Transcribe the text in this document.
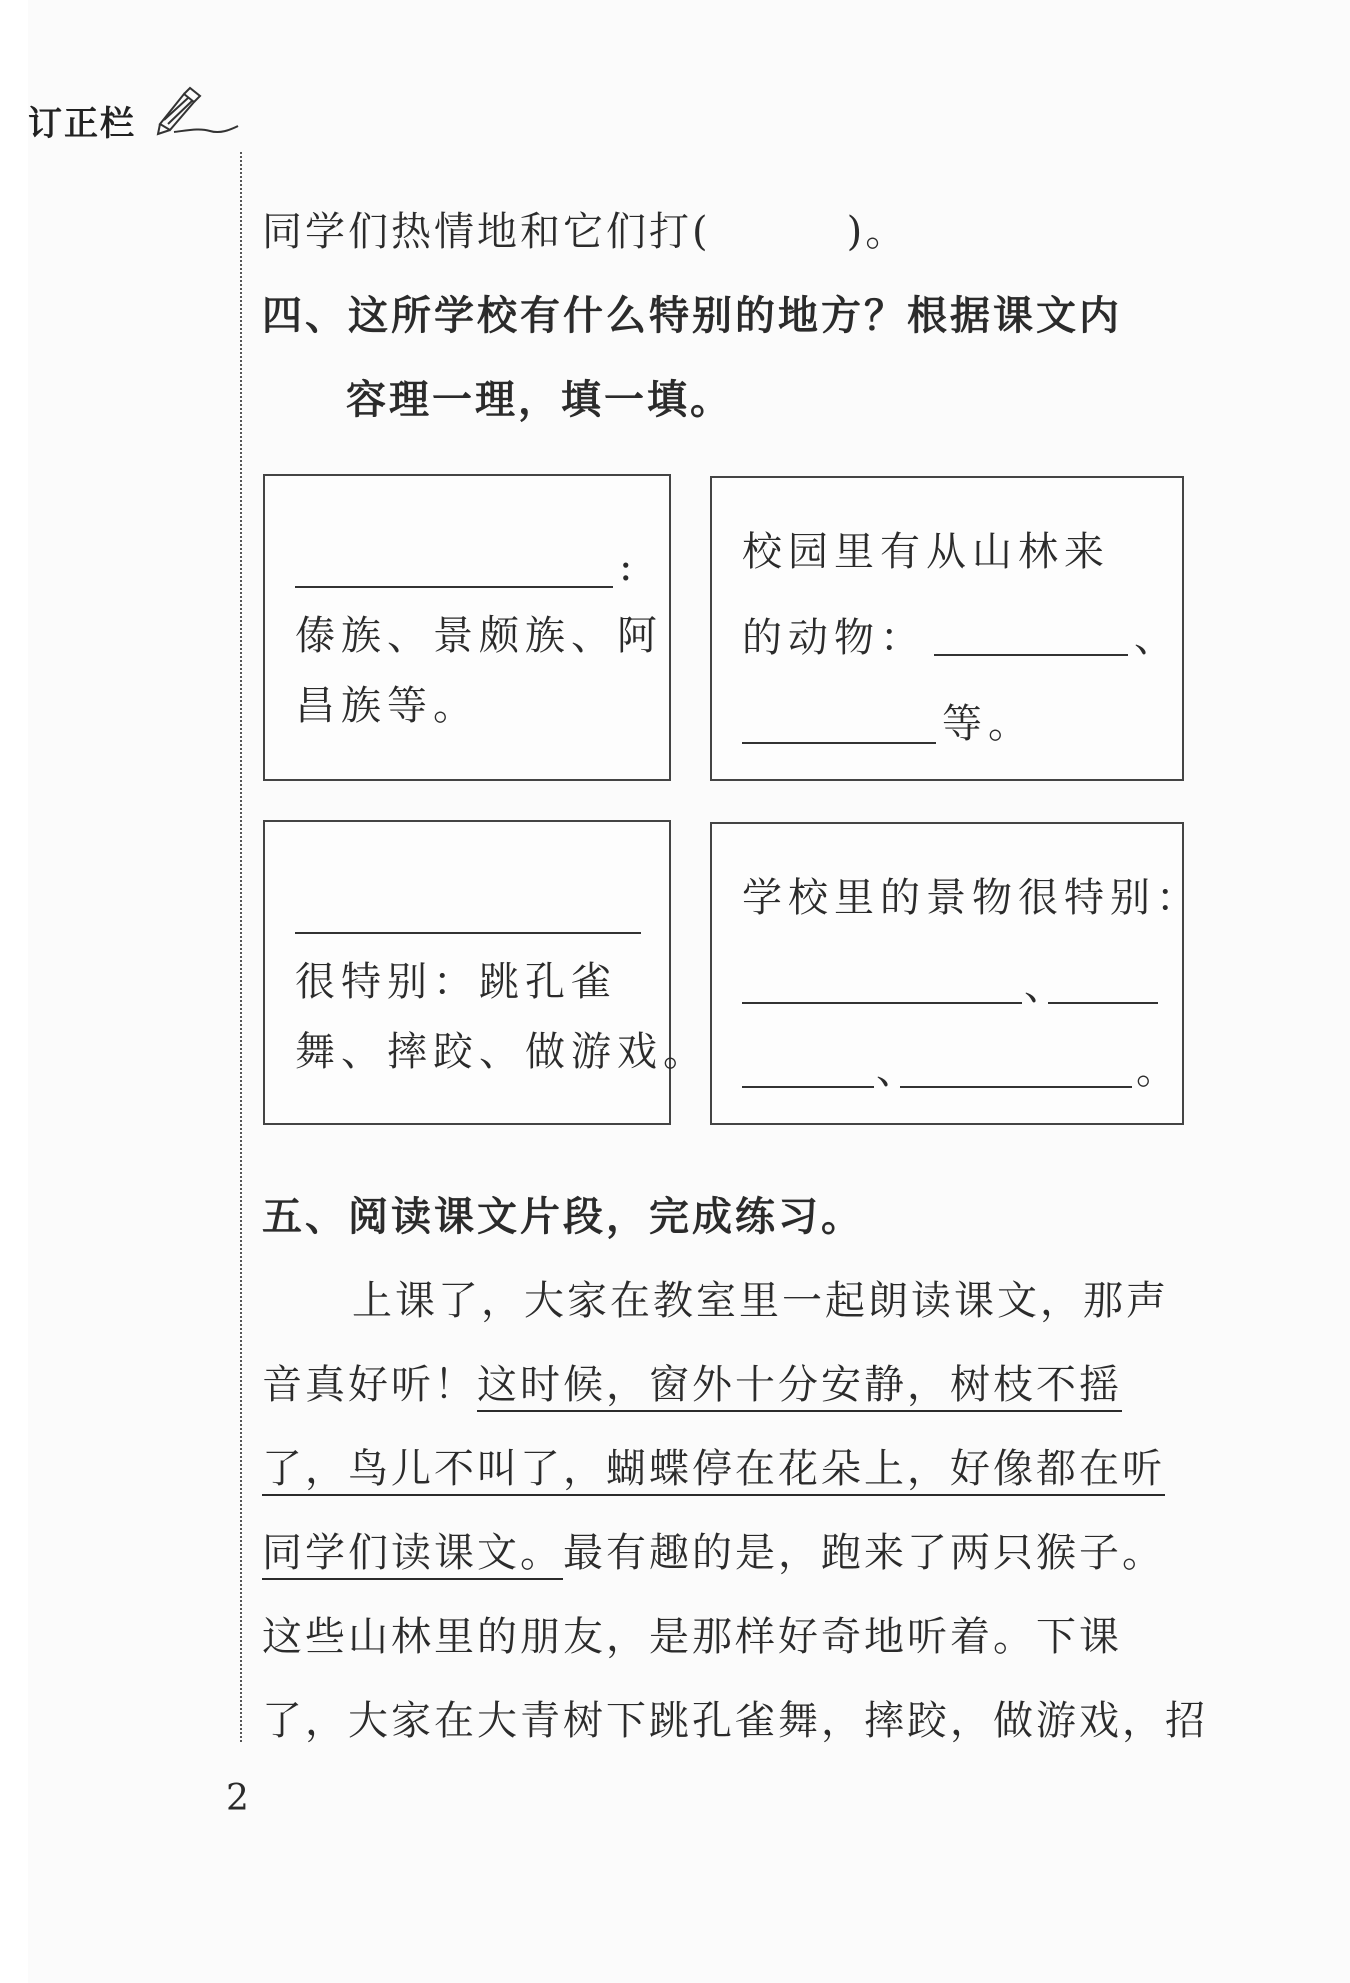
订正栏
同学们热情地和它们打(	)。
四、这所学校有什么特别的地方？根据课文内
容理一理，填一填。
:
傣族、景颇族、阿
昌族等。
校园里有从山林来
的动物：	、
等。
很特别：跳孔雀
舞、摔跤、做游戏。
学校里的景物很特别：
、
、	。
五、阅读课文片段，完成练习。
上课了，大家在教室里一起朗读课文，那声
音真好听！这时候，窗外十分安静，树枝不摇
了，鸟儿不叫了，蝴蝶停在花朵上，好像都在听
同学们读课文。最有趣的是，跑来了两只猴子。
这些山林里的朋友，是那样好奇地听着。下课
了，大家在大青树下跳孔雀舞，摔跤，做游戏，招
2
